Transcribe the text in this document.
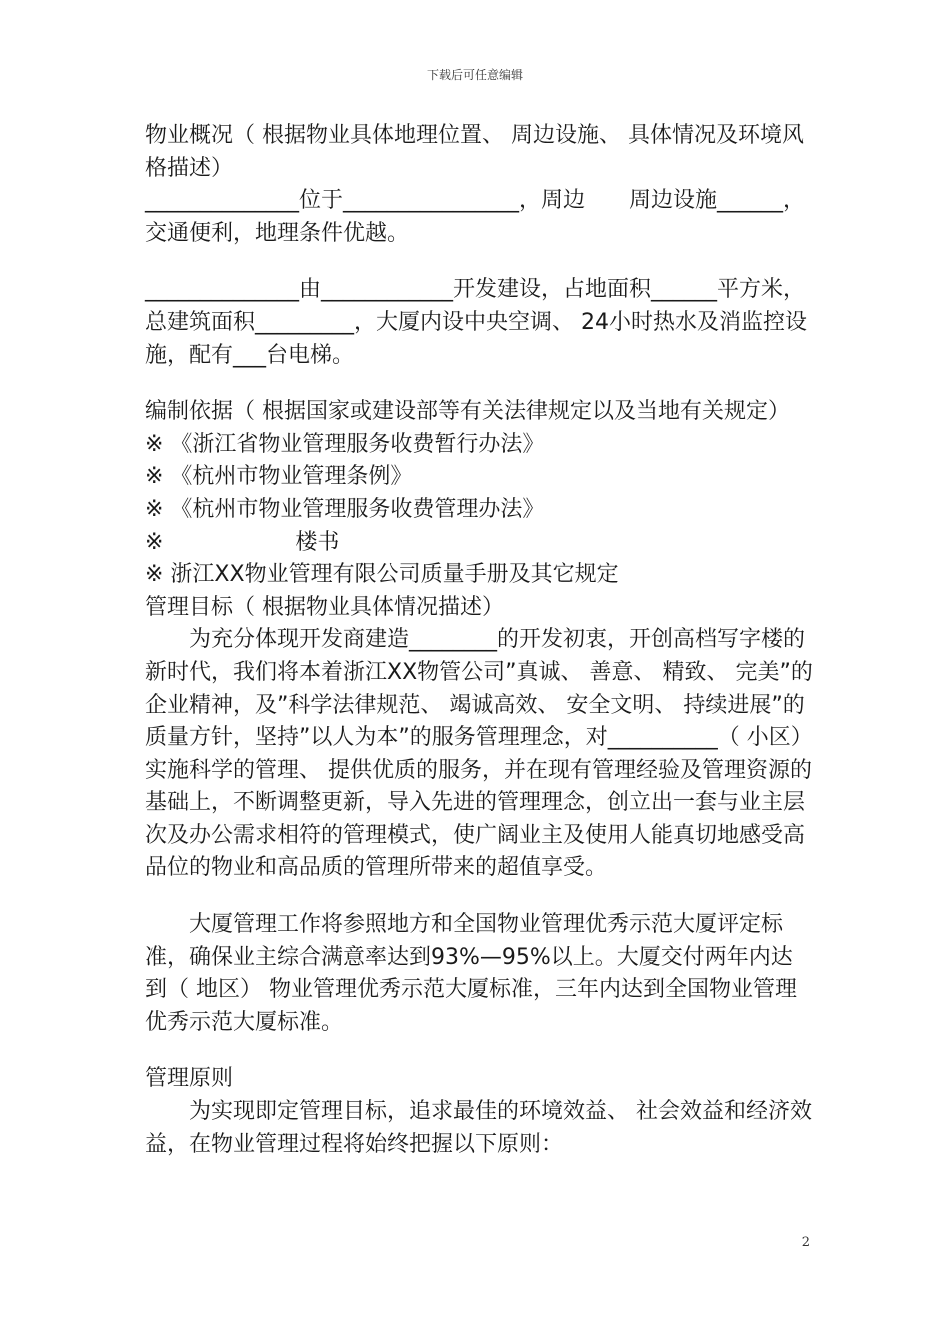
下载后可任意编辑

物业概况（ 根据物业具体地理位置、 周边设施、 具体情况及环境风格描述）

______________位于________________，周边　　周边设施______，交通便利，地理条件优越。

______________由____________开发建设，占地面积______平方米，总建筑面积_________，大厦内设中央空调、 24小时热水及消监控设施，配有___台电梯。

编制依据（ 根据国家或建设部等有关法律规定以及当地有关规定）

※ 《浙江省物业管理服务收费暂行办法》

※ 《杭州市物业管理条例》

※ 《杭州市物业管理服务收费管理办法》

※　　　　　　楼书

※ 浙江XX物业管理有限公司质量手册及其它规定

管理目标（ 根据物业具体情况描述）

为充分体现开发商建造________的开发初衷，开创高档写字楼的新时代，我们将本着浙江XX物管公司”真诚、 善意、 精致、 完美”的企业精神，及”科学法律规范、 竭诚高效、 安全文明、 持续进展”的质量方针，坚持”以人为本”的服务管理理念，对__________（ 小区）实施科学的管理、 提供优质的服务，并在现有管理经验及管理资源的基础上，不断调整更新，导入先进的管理理念，创立出一套与业主层次及办公需求相符的管理模式，使广阔业主及使用人能真切地感受高品位的物业和高品质的管理所带来的超值享受。

大厦管理工作将参照地方和全国物业管理优秀示范大厦评定标准，确保业主综合满意率达到93%—95%以上。大厦交付两年内达到（ 地区） 物业管理优秀示范大厦标准，三年内达到全国物业管理优秀示范大厦标准。

管理原则

为实现即定管理目标，追求最佳的环境效益、 社会效益和经济效益，在物业管理过程将始终把握以下原则：

2
